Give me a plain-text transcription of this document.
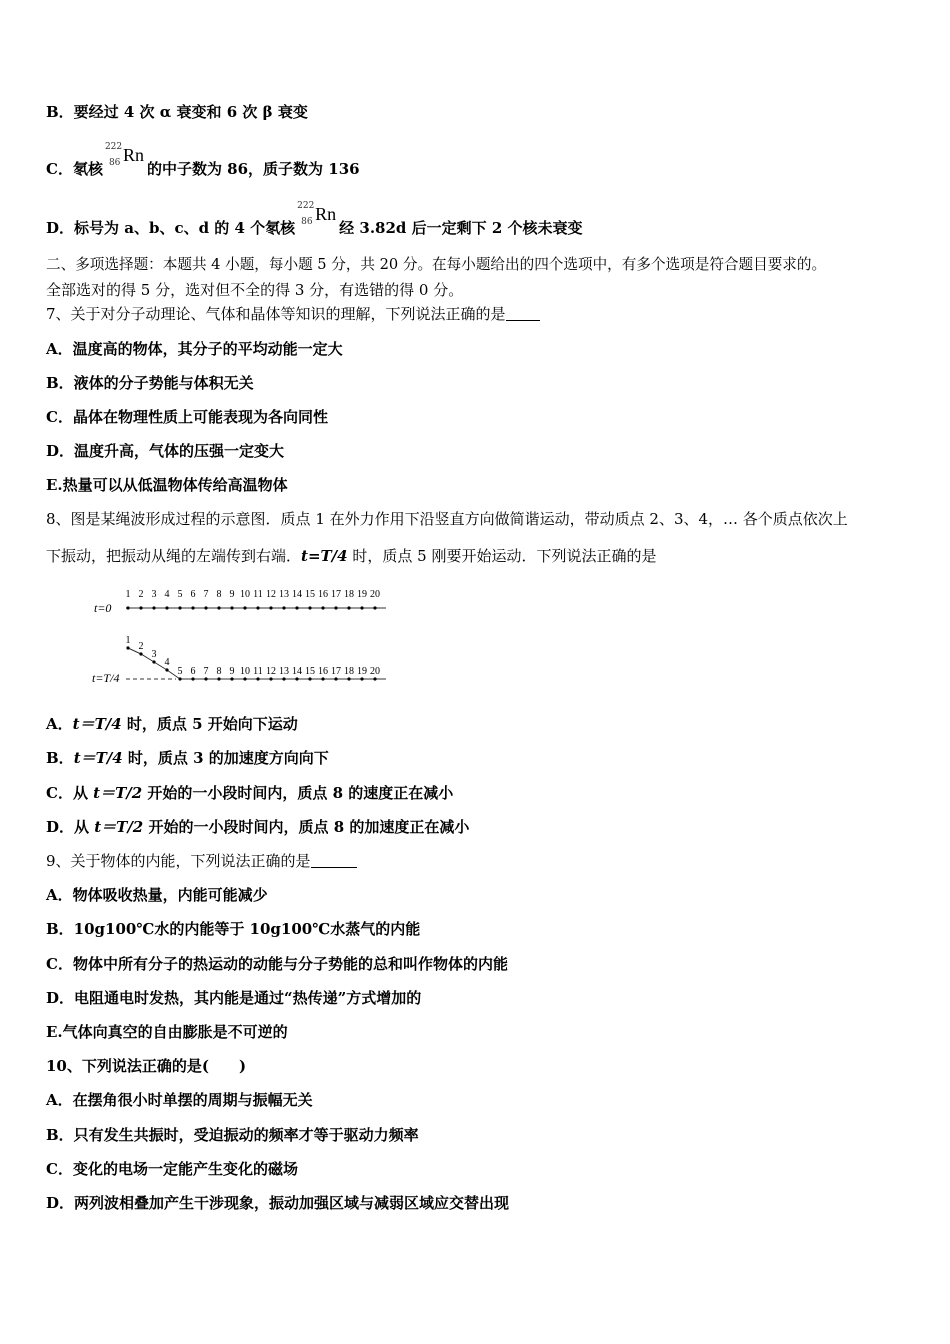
B．要经过 4 次 α 衰变和 6 次 β 衰变
C．氡核
222
86 Rn
的中子数为 86，质子数为 136
D．标号为 a、b、c、d 的 4 个氡核
222
86 Rn
经 3.82d 后一定剩下 2 个核未衰变
二、多项选择题：本题共 4 小题，每小题 5 分，共 20 分。在每小题给出的四个选项中，有多个选项是符合题目要求的。
全部选对的得 5 分，选对但不全的得 3 分，有选错的得 0 分。
7、关于对分子动理论、气体和晶体等知识的理解，下列说法正确的是
A．温度高的物体，其分子的平均动能一定大
B．液体的分子势能与体积无关
C．晶体在物理性质上可能表现为各向同性
D．温度升高，气体的压强一定变大
E.热量可以从低温物体传给高温物体
8、图是某绳波形成过程的示意图．质点 1 在外力作用下沿竖直方向做简谐运动，带动质点 2、3、4，… 各个质点依次上
下振动，把振动从绳的左端传到右端．t=T/4 时，质点 5 刚要开始运动．下列说法正确的是
t=0
1 2 3 4 5 6 7 8 9 10 11 12 13 14 15 16 17 18 19 20
t=T/4
1
2
3
4
5 6 7 8 9 10 11 12 13 14 15 16 17 18 19 20
A．t＝T/4 时，质点 5 开始向下运动
B．t＝T/4 时，质点 3 的加速度方向向下
C．从 t＝T/2 开始的一小段时间内，质点 8 的速度正在减小
D．从 t＝T/2 开始的一小段时间内，质点 8 的加速度正在减小
9、关于物体的内能，下列说法正确的是
A．物体吸收热量，内能可能减少
B．10g100℃水的内能等于 10g100℃水蒸气的内能
C．物体中所有分子的热运动的动能与分子势能的总和叫作物体的内能
D．电阻通电时发热，其内能是通过“热传递”方式增加的
E.气体向真空的自由膨胀是不可逆的
10、下列说法正确的是(　　)
A．在摆角很小时单摆的周期与振幅无关
B．只有发生共振时，受迫振动的频率才等于驱动力频率
C．变化的电场一定能产生变化的磁场
D．两列波相叠加产生干涉现象，振动加强区域与减弱区域应交替出现
